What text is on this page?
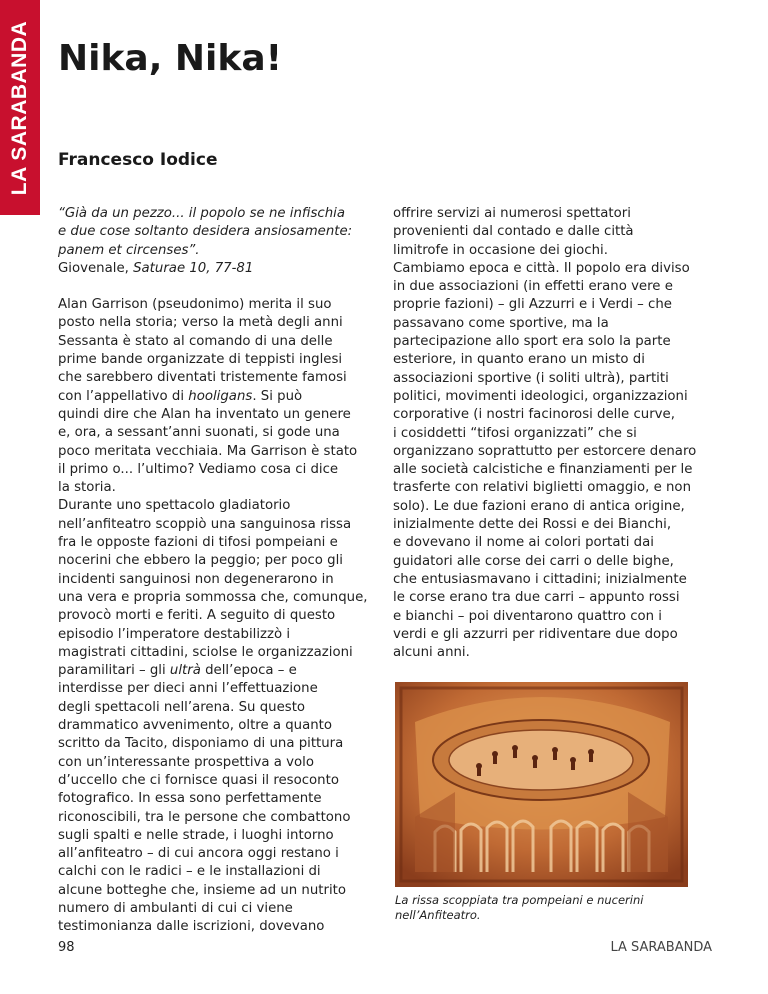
LA SARABANDA Nika, Nika!
Francesco Iodice

“Già da un pezzo... il popolo se ne infischia

e due cose soltanto desidera ansiosamente:

panem et circenses”.

Giovenale, Saturae 10, 77-81

Alan Garrison (pseudonimo) merita il suo

posto nella storia; verso la metà degli anni

Sessanta è stato al comando di una delle

prime bande organizzate di teppisti inglesi

che sarebbero diventati tristemente famosi

con l’appellativo di hooligans. Si può

quindi dire che Alan ha inventato un genere

e, ora, a sessant’anni suonati, si gode una

poco meritata vecchiaia. Ma Garrison è stato

il primo o... l’ultimo? Vediamo cosa ci dice

la storia.

Durante uno spettacolo gladiatorio

nell’anfiteatro scoppiò una sanguinosa rissa

fra le opposte fazioni di tifosi pompeiani e

nocerini che ebbero la peggio; per poco gli

incidenti sanguinosi non degenerarono in

una vera e propria sommossa che, comunque,

provocò morti e feriti. A seguito di questo

episodio l’imperatore destabilizzò i

magistrati cittadini, sciolse le organizzazioni

paramilitari – gli ultrà dell’epoca – e

interdisse per dieci anni l’effettuazione

degli spettacoli nell’arena. Su questo

drammatico avvenimento, oltre a quanto

scritto da Tacito, disponiamo di una pittura

con un’interessante prospettiva a volo

d’uccello che ci fornisce quasi il resoconto

fotografico. In essa sono perfettamente

riconoscibili, tra le persone che combattono

sugli spalti e nelle strade, i luoghi intorno

all’anfiteatro – di cui ancora oggi restano i

calchi con le radici – e le installazioni di

alcune botteghe che, insieme ad un nutrito

numero di ambulanti di cui ci viene

testimonianza dalle iscrizioni, dovevano

offrire servizi ai numerosi spettatori

provenienti dal contado e dalle città

limitrofe in occasione dei giochi.

Cambiamo epoca e città. Il popolo era diviso

in due associazioni (in effetti erano vere e

proprie fazioni) – gli Azzurri e i Verdi – che

passavano come sportive, ma la

partecipazione allo sport era solo la parte

esteriore, in quanto erano un misto di

associazioni sportive (i soliti ultrà), partiti

politici, movimenti ideologici, organizzazioni

corporative (i nostri facinorosi delle curve,

i cosiddetti “tifosi organizzati” che si

organizzano soprattutto per estorcere denaro

alle società calcistiche e finanziamenti per le

trasferte con relativi biglietti omaggio, e non

solo). Le due fazioni erano di antica origine,

inizialmente dette dei Rossi e dei Bianchi,

e dovevano il nome ai colori portati dai

guidatori alle corse dei carri o delle bighe,

che entusiasmavano i cittadini; inizialmente

le corse erano tra due carri – appunto rossi

e bianchi – poi diventarono quattro con i

verdi e gli azzurri per ridiventare due dopo

alcuni anni.

La rissa scoppiata tra pompeiani e nucerini
nell’Anfiteatro.
98	LA SARABANDA
